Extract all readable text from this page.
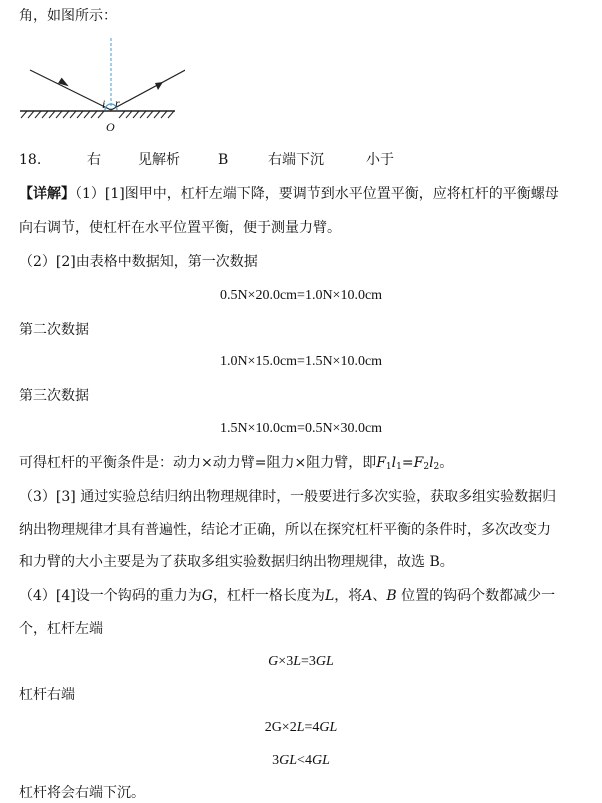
角，如图所示：
i r
O
18.	右	见解析	B	右端下沉	小于
【详解】（1）[1]图甲中，杠杆左端下降，要调节到水平位置平衡，应将杠杆的平衡螺母
向右调节，使杠杆在水平位置平衡，便于测量力臂。
（2）[2]由表格中数据知，第一次数据
0.5N×20.0cm=1.0N×10.0cm
第二次数据
1.0N×15.0cm=1.5N×10.0cm
第三次数据
1.5N×10.0cm=0.5N×30.0cm
可得杠杆的平衡条件是：动力×动力臂=阻力×阻力臂，即$F_1l_1=F_2l_2$。
（3）[3] 通过实验总结归纳出物理规律时，一般要进行多次实验，获取多组实验数据归
纳出物理规律才具有普遍性，结论才正确，所以在探究杠杆平衡的条件时，多次改变力
和力臂的大小主要是为了获取多组实验数据归纳出物理规律，故选 B。
（4）[4]设一个钩码的重力为G，杠杆一格长度为L，将A、B 位置的钩码个数都减少一
个，杠杆左端
G×3L=3GL
杠杆右端
2G×2L=4GL
3GL<4GL
杠杆将会右端下沉。
